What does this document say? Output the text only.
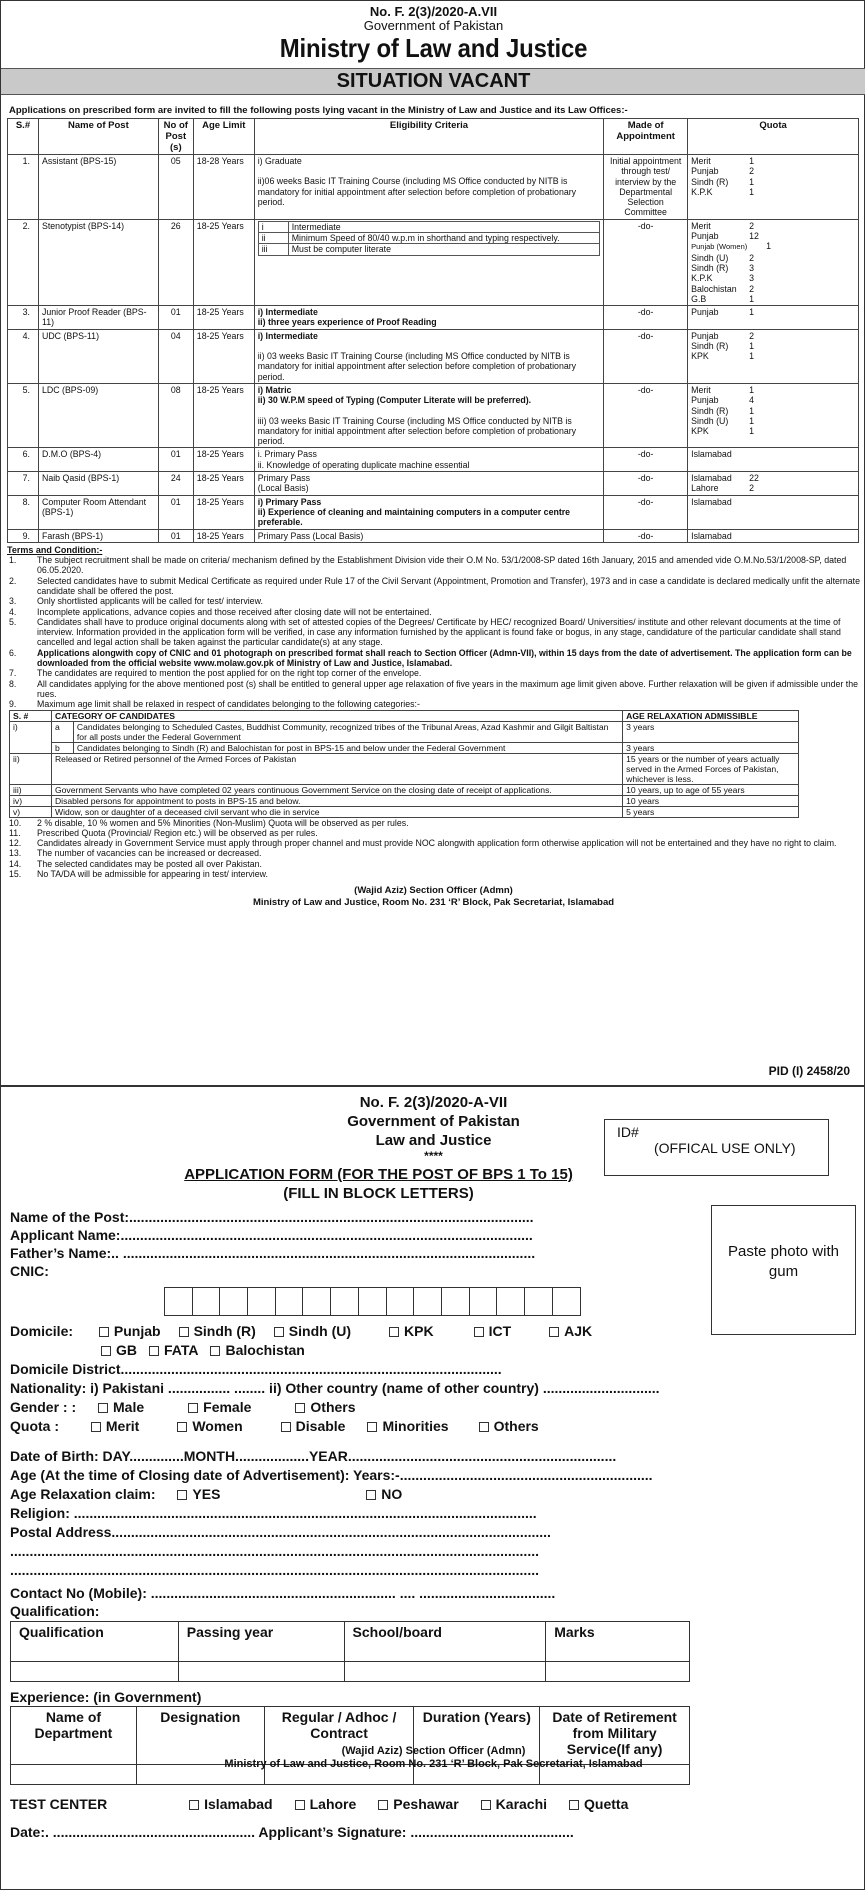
No. F. 2(3)/2020-A.VII
Government of Pakistan
Ministry of Law and Justice
SITUATION VACANT
Applications on prescribed form are invited to fill the following posts lying vacant in the Ministry of Law and Justice and its Law Offices:-
S.#	Name of Post	No of Post (s)	Age Limit	Eligibility Criteria	Made of Appointment	Quota
1.	Assistant (BPS-15)	05	18-28 Years	i) Graduate

ii)06 weeks Basic IT Training Course (including MS Office conducted by NITB is mandatory for initial appointment after selection before completion of probationary period.

	Initial appointment through test/ interview by the Departmental Selection Committee	
Merit	1
Punjab	2
Sindh (R) 1
K.P.K	1

2.	Stenotypist (BPS-14)	26	18-25 Years	i	Intermediate
ii	Minimum Speed of 80/40 w.p.m in shorthand and typing respectively.
iii	Must be computer literate
	-do-	Merit	2
Punjab	12
Punjab (Women) 1
Sindh (U) 2
Sindh (R) 3
K.P.K	3
Balochistan 2
G.B	1

3.	Junior Proof Reader (BPS-11)	01	18-25 Years	i) Intermediate

ii) three years experience of Proof Reading

	-do-	Punjab	1

4.	UDC (BPS-11)	04	18-25 Years	i) Intermediate

ii) 03 weeks Basic IT Training Course (including MS Office conducted by NITB is mandatory for initial appointment after selection before completion of probationary period.

	-do-	Punjab	2
Sindh (R) 1
KPK	1

5.	LDC (BPS-09)	08	18-25 Years	i) Matric

ii) 30 W.P.M speed of Typing (Computer Literate will be preferred).

iii) 03 weeks Basic IT Training Course (including MS Office conducted by NITB is mandatory for initial appointment after selection before completion of probationary period.

	-do-	Merit	1
Punjab	4
Sindh (R) 1
Sindh (U) 1
KPK	1

6.	D.M.O (BPS-4)	01	18-25 Years	i. Primary Pass

ii. Knowledge of operating duplicate machine essential

	-do-	Islamabad

7.	Naib Qasid (BPS-1)	24	18-25 Years	Primary Pass

(Local Basis)

	-do-	Islamabad 22
Lahore	2

8.	Computer Room Attendant (BPS-1)	01	18-25 Years	i) Primary Pass

ii) Experience of cleaning and maintaining computers in a computer centre preferable.

	-do-	Islamabad

9.	Farash (BPS-1)	01	18-25 Years	Primary Pass (Local Basis)	-do-	Islamabad
Terms and Condition:-
1.	The subject recruitment shall be made on criteria/ mechanism defined by the Establishment Division vide their O.M No. 53/1/2008-SP dated 16th January, 2015 and amended vide O.M.No.53/1/2008-SP, dated 06.05.2020.
2.	Selected candidates have to submit Medical Certificate as required under Rule 17 of the Civil Servant (Appointment, Promotion and Transfer), 1973 and in case a candidate is declared medically unfit the alternate candidate shall be offered the post.
3.	Only shortlisted applicants will be called for test/ interview.
4.	Incomplete applications, advance copies and those received after closing date will not be entertained.
5.	Candidates shall have to produce original documents along with set of attested copies of the Degrees/ Certificate by HEC/ recognized Board/ Universities/ institute and other relevant documents at the time of interview. Information provided in the application form will be verified, in case any information furnished by the applicant is found fake or bogus, in any stage, candidature of the particular candidate shall stand cancelled and legal action shall be taken against the particular candidate(s) at any stage.
6.	Applications alongwith copy of CNIC and 01 photograph on prescribed format shall reach to Section Officer (Admn-VII), within 15 days from the date of advertisement. The application form can be downloaded from the official website www.molaw.gov.pk of Ministry of Law and Justice, Islamabad.
7.	The candidates are required to mention the post applied for on the right top corner of the envelope.
8.	All candidates applying for the above mentioned post (s) shall be entitled to general upper age relaxation of five years in the maximum age limit given above. Further relaxation will be given if admissible under the rues.
9.	Maximum age limit shall be relaxed in respect of candidates belonging to the following categories:-
S. #	CATEGORY OF CANDIDATES		AGE RELAXATION ADMISSIBLE
i)	a	Candidates belonging to Scheduled Castes, Buddhist Community, recognized tribes of the Tribunal Areas, Azad Kashmir and Gilgit Baltistan for all posts under the Federal Government	3 years
	b	Candidates belonging to Sindh (R) and Balochistan for post in BPS-15 and below under the Federal Government	3 years
ii)	Released or Retired personnel of the Armed Forces of Pakistan		15 years or the number of years actually served in the Armed Forces of Pakistan, whichever is less.
iii)	Government Servants who have completed 02 years continuous Government Service on the closing date of receipt of applications.		10 years, up to age of 55 years
iv)	Disabled persons for appointment to posts in BPS-15 and below.		10 years
v)	Widow, son or daughter of a deceased civil servant who die in service		5 years
10.	2 % disable, 10 % women and 5% Minorities (Non-Muslim) Quota will be observed as per rules.
11.	Prescribed Quota (Provincial/ Region etc.) will be observed as per rules.
12.	Candidates already in Government Service must apply through proper channel and must provide NOC alongwith application form otherwise application will not be entertained and they have no right to claim.
13.	The number of vacancies can be increased or decreased.
14.	The selected candidates may be posted all over Pakistan.
15.	No TA/DA will be admissible for appearing in test/ interview.
(Wajid Aziz) Section Officer (Admn)
Ministry of Law and Justice, Room No. 231 ‘R’ Block, Pak Secretariat, Islamabad
PID (I) 2458/20
No. F. 2(3)/2020-A-VII
Government of Pakistan
Law and Justice
****
APPLICATION FORM (FOR THE POST OF BPS 1 To 15)
(FILL IN BLOCK LETTERS)
ID#
(OFFICAL USE ONLY)
Paste photo with gum
Name of the Post:........................................................................................................
Applicant Name:..........................................................................................................
Father’s Name:.. ..........................................................................................................
CNIC:
Domicile:	Punjab Sindh (R) Sindh (U)	KPK	ICT	AJK
GB FATA Balochistan
Domicile District..................................................................................................
Nationality: i) Pakistani ................ ........ ii) Other country (name of other country) ..............................
Gender : :	Male	Female	Others
Quota :	Merit	Women	Disable	Minorities	Others
Date of Birth: DAY..............MONTH...................YEAR.....................................................................
Age (At the time of Closing date of Advertisement): Years:-.................................................................
Age Relaxation claim:	YES	NO
Religion: .......................................................................................................................
Postal Address.................................................................................................................
........................................................................................................................................
........................................................................................................................................
Contact No (Mobile): ............................................................... .... ...................................
Qualification:
Qualification	Passing year	School/board	Marks

Experience: (in Government)
Name of Department	Designation	Regular / Adhoc / Contract	Duration (Years)	Date of Retirement from Military Service(If any)

TEST CENTER	Islamabad	Lahore	Peshawar	Karachi	Quetta
Date:. .................................................... Applicant’s Signature: ..........................................
(Wajid Aziz) Section Officer (Admn)
Ministry of Law and Justice, Room No. 231 ‘R’ Block, Pak Secretariat, Islamabad
